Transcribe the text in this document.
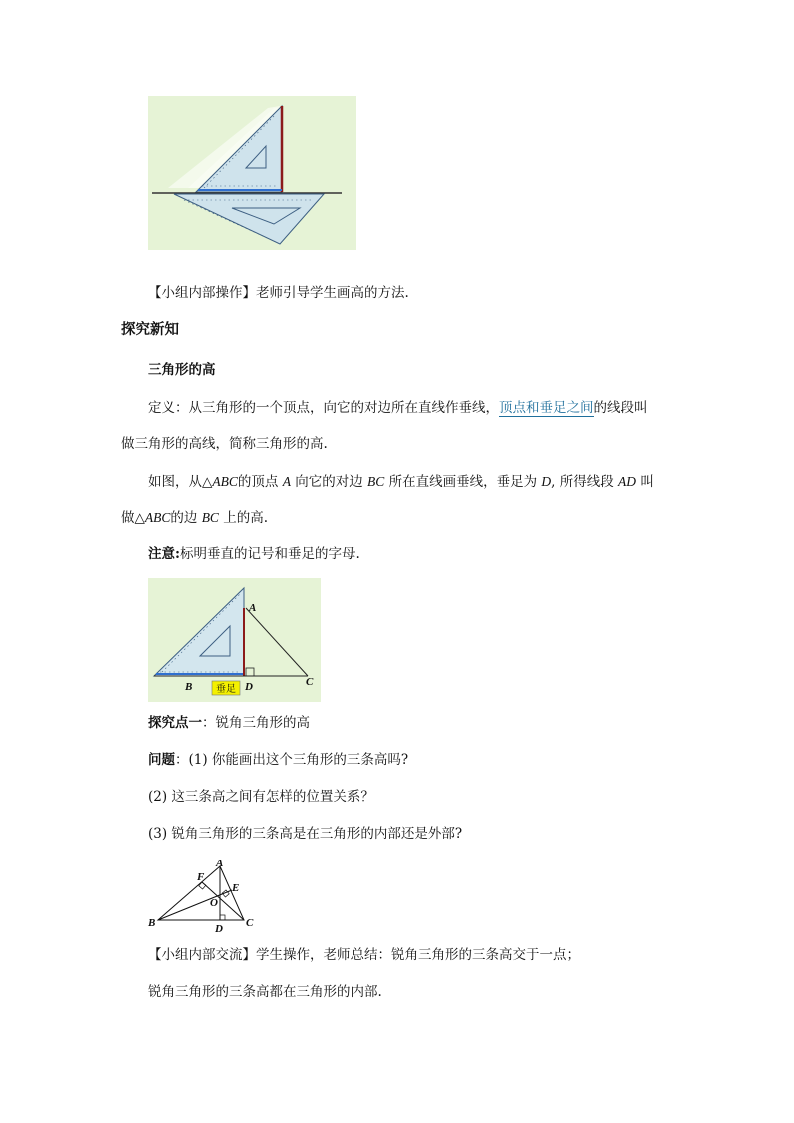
【小组内部操作】老师引导学生画高的方法.

探究新知

三角形的高

定义：从三角形的一个顶点，向它的对边所在直线作垂线，顶点和垂足之间的线段叫

做三角形的高线，简称三角形的高.

如图，从△ABC的顶点 A 向它的对边 BC 所在直线画垂线，垂足为 D, 所得线段 AD 叫

做△ABC的边 BC 上的高.

注意:标明垂直的记号和垂足的字母.

A
B	C
D
垂足

探究点一：锐角三角形的高

问题：(1) 你能画出这个三角形的三条高吗?

(2) 这三条高之间有怎样的位置关系？

(3) 锐角三角形的三条高是在三角形的内部还是外部?

A
B	C
D
E
F
O

【小组内部交流】学生操作，老师总结：锐角三角形的三条高交于一点；

锐角三角形的三条高都在三角形的内部.
